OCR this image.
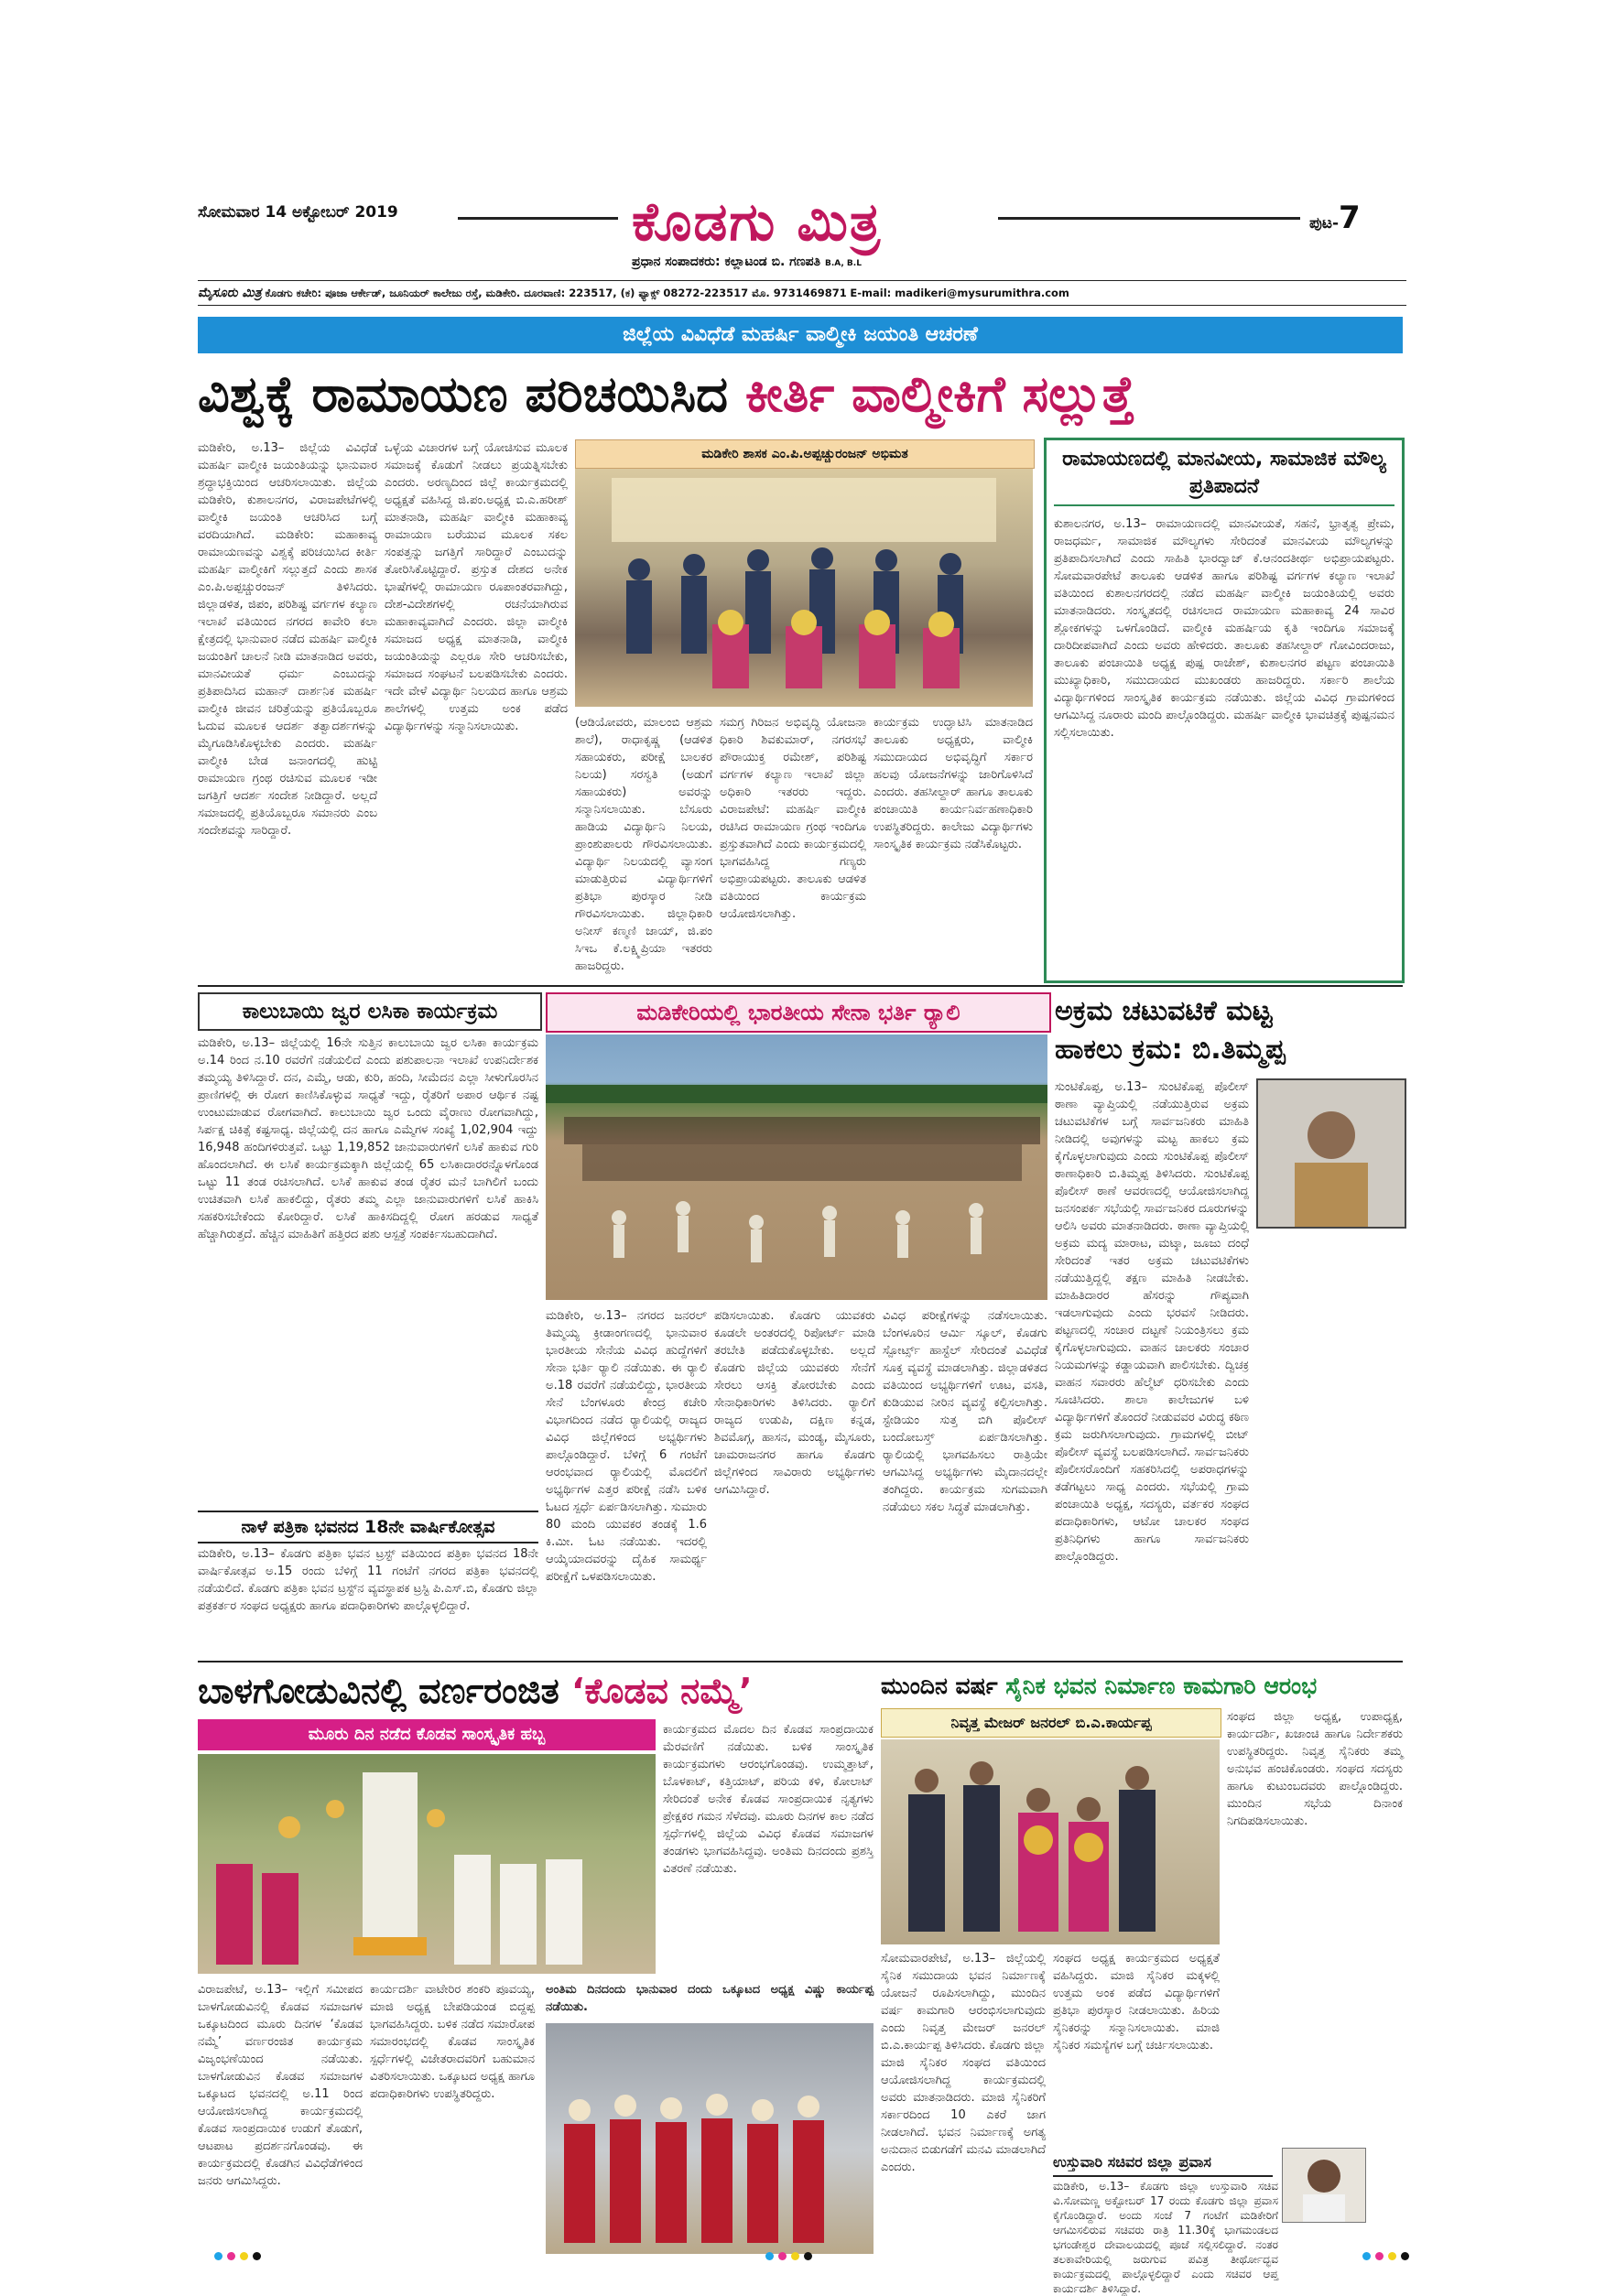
ಸೋಮವಾರ 14 ಅಕ್ಟೋಬರ್ 2019	ಕೊಡಗು ಮಿತ್ರ	ಪುಟ-7
ಪ್ರಧಾನ ಸಂಪಾದಕರು: ಕಲ್ಲಾಟಂಡ ಬಿ. ಗಣಪತಿ B.A, B.L
ಮೈಸೂರು ಮಿತ್ರ ಕೊಡಗು ಕಚೇರಿ: ಪೂಜಾ ಆರ್ಕೇಡ್, ಜೂನಿಯರ್ ಕಾಲೇಜು ರಸ್ತೆ, ಮಡಿಕೇರಿ. ದೂರವಾಣಿ: 223517, (ಕ) ಫ್ಯಾಕ್ಸ್ 08272-223517 ಮೊ. 9731469871 E-mail: madikeri@mysurumithra.com
ಜಿಲ್ಲೆಯ ವಿವಿಧೆಡೆ ಮಹರ್ಷಿ ವಾಲ್ಮೀಕಿ ಜಯಂತಿ ಆಚರಣೆ
ವಿಶ್ವಕ್ಕೆ ರಾಮಾಯಣ ಪರಿಚಯಿಸಿದ ಕೀರ್ತಿ ವಾಲ್ಮೀಕಿಗೆ ಸಲ್ಲುತ್ತೆ
ಮಡಿಕೇರಿ, ಅ.13– ಜಿಲ್ಲೆಯ ವಿವಿಧೆಡೆ ಮಹರ್ಷಿ ವಾಲ್ಮೀಕಿ ಜಯಂತಿಯನ್ನು ಭಾನುವಾರ ಶ್ರದ್ಧಾಭಕ್ತಿಯಿಂದ ಆಚರಿಸಲಾಯಿತು. ಜಿಲ್ಲೆಯ ಮಡಿಕೇರಿ, ಕುಶಾಲನಗರ, ವಿರಾಜಪೇಟೆಗಳಲ್ಲಿ ವಾಲ್ಮೀಕಿ ಜಯಂತಿ ಆಚರಿಸಿದ ಬಗ್ಗೆ ವರದಿಯಾಗಿದೆ. ಮಡಿಕೇರಿ: ಮಹಾಕಾವ್ಯ ರಾಮಾಯಣವನ್ನು ವಿಶ್ವಕ್ಕೆ ಪರಿಚಯಿಸಿದ ಕೀರ್ತಿ ಮಹರ್ಷಿ ವಾಲ್ಮೀಕಿಗೆ ಸಲ್ಲುತ್ತದೆ ಎಂದು ಶಾಸಕ ಎಂ.ಪಿ.ಅಪ್ಪಚ್ಚುರಂಜನ್ ತಿಳಿಸಿದರು. ಜಿಲ್ಲಾಡಳಿತ, ಜಿಪಂ, ಪರಿಶಿಷ್ಟ ವರ್ಗಗಳ ಕಲ್ಯಾಣ ಇಲಾಖೆ ವತಿಯಿಂದ ನಗರದ ಕಾವೇರಿ ಕಲಾ ಕ್ಷೇತ್ರದಲ್ಲಿ ಭಾನುವಾರ ನಡೆದ ಮಹರ್ಷಿ ವಾಲ್ಮೀಕಿ ಜಯಂತಿಗೆ ಚಾಲನೆ ನೀಡಿ ಮಾತನಾಡಿದ ಅವರು, ಮಾನವೀಯತೆ ಧರ್ಮ ಎಂಬುದನ್ನು ಪ್ರತಿಪಾದಿಸಿದ ಮಹಾನ್ ದಾರ್ಶನಿಕ ಮಹರ್ಷಿ ವಾಲ್ಮೀಕಿ ಜೀವನ ಚರಿತ್ರೆಯನ್ನು ಪ್ರತಿಯೊಬ್ಬರೂ ಓದುವ ಮೂಲಕ ಆದರ್ಶ ತತ್ವಾದರ್ಶಗಳನ್ನು ಮೈಗೂಡಿಸಿಕೊಳ್ಳಬೇಕು ಎಂದರು. ಮಹರ್ಷಿ ವಾಲ್ಮೀಕಿ ಬೇಡ ಜನಾಂಗದಲ್ಲಿ ಹುಟ್ಟಿ ರಾಮಾಯಣ ಗ್ರಂಥ ರಚಿಸುವ ಮೂಲಕ ಇಡೀ ಜಗತ್ತಿಗೆ ಆದರ್ಶ ಸಂದೇಶ ನೀಡಿದ್ದಾರೆ. ಅಲ್ಲದೆ ಸಮಾಜದಲ್ಲಿ ಪ್ರತಿಯೊಬ್ಬರೂ ಸಮಾನರು ಎಂಬ ಸಂದೇಶವನ್ನು ಸಾರಿದ್ದಾರೆ.
ಒಳ್ಳೆಯ ವಿಚಾರಗಳ ಬಗ್ಗೆ ಯೋಚಿಸುವ ಮೂಲಕ ಸಮಾಜಕ್ಕೆ ಕೊಡುಗೆ ನೀಡಲು ಪ್ರಯತ್ನಿಸಬೇಕು ಎಂದರು. ಅರಣ್ಯದಿಂದ ಜಿಲ್ಲೆ ಕಾರ್ಯಕ್ರಮದಲ್ಲಿ ಅಧ್ಯಕ್ಷತೆ ವಹಿಸಿದ್ದ ಜಿ.ಪಂ.ಅಧ್ಯಕ್ಷ ಬಿ.ಎ.ಹರೀಶ್ ಮಾತನಾಡಿ, ಮಹರ್ಷಿ ವಾಲ್ಮೀಕಿ ಮಹಾಕಾವ್ಯ ರಾಮಾಯಣ ಬರೆಯುವ ಮೂಲಕ ಸಕಲ ಸಂಪತ್ತನ್ನು ಜಗತ್ತಿಗೆ ಸಾರಿದ್ದಾರೆ ಎಂಬುದನ್ನು ತೋರಿಸಿಕೊಟ್ಟಿದ್ದಾರೆ. ಪ್ರಸ್ತುತ ದೇಶದ ಅನೇಕ ಭಾಷೆಗಳಲ್ಲಿ ರಾಮಾಯಣ ರೂಪಾಂತರವಾಗಿದ್ದು, ದೇಶ-ವಿದೇಶಗಳಲ್ಲಿ ರಚನೆಯಾಗಿರುವ ಮಹಾಕಾವ್ಯವಾಗಿದೆ ಎಂದರು. ಜಿಲ್ಲಾ ವಾಲ್ಮೀಕಿ ಸಮಾಜದ ಅಧ್ಯಕ್ಷ ಮಾತನಾಡಿ, ವಾಲ್ಮೀಕಿ ಜಯಂತಿಯನ್ನು ಎಲ್ಲರೂ ಸೇರಿ ಆಚರಿಸಬೇಕು, ಸಮಾಜದ ಸಂಘಟನೆ ಬಲಪಡಿಸಬೇಕು ಎಂದರು. ಇದೇ ವೇಳೆ ವಿದ್ಯಾರ್ಥಿ ನಿಲಯದ ಹಾಗೂ ಆಶ್ರಮ ಶಾಲೆಗಳಲ್ಲಿ ಉತ್ತಮ ಅಂಕ ಪಡೆದ ವಿದ್ಯಾರ್ಥಿಗಳನ್ನು ಸನ್ಮಾನಿಸಲಾಯಿತು.
ಮಡಿಕೇರಿ ಶಾಸಕ ಎಂ.ಪಿ.ಅಪ್ಪಚ್ಚುರಂಜನ್ ಅಭಿಮತ
(ಆಡಿಯೋವರು, ಮಾಲಂಬಿ ಆಶ್ರಮ ಶಾಲೆ), ರಾಧಾಕೃಷ್ಣ (ಆಡಳಿತ ಸಹಾಯಕರು, ಪರೀಕ್ಷೆ ಬಾಲಕರ ನಿಲಯ) ಸರಸ್ವತಿ (ಅಡುಗೆ ಸಹಾಯಕರು) ಅವರನ್ನು ಸನ್ಮಾನಿಸಲಾಯಿತು. ಬೆಸೂರು ಹಾಡಿಯ ವಿದ್ಯಾರ್ಥಿನಿ ನಿಲಯ, ಪ್ರಾಂಶುಪಾಲರು ಗೌರವಿಸಲಾಯಿತು. ವಿದ್ಯಾರ್ಥಿ ನಿಲಯದಲ್ಲಿ ವ್ಯಾಸಂಗ ಮಾಡುತ್ತಿರುವ ವಿದ್ಯಾರ್ಥಿಗಳಿಗೆ ಪ್ರತಿಭಾ ಪುರಸ್ಕಾರ ನೀಡಿ ಗೌರವಿಸಲಾಯಿತು. ಜಿಲ್ಲಾಧಿಕಾರಿ ಅನೀಸ್ ಕಣ್ಮಣಿ ಜಾಯ್, ಜಿ.ಪಂ ಸಿಇಒ ಕೆ.ಲಕ್ಷ್ಮಿಪ್ರಿಯಾ ಇತರರು ಹಾಜರಿದ್ದರು.
ಸಮಗ್ರ ಗಿರಿಜನ ಅಭಿವೃದ್ಧಿ ಯೋಜನಾ ಧಿಕಾರಿ ಶಿವಕುಮಾರ್, ನಗರಸಭೆ ಪೌರಾಯುಕ್ತ ರಮೇಶ್, ಪರಿಶಿಷ್ಟ ವರ್ಗಗಳ ಕಲ್ಯಾಣ ಇಲಾಖೆ ಜಿಲ್ಲಾ ಅಧಿಕಾರಿ ಇತರರು ಇದ್ದರು. ವಿರಾಜಪೇಟೆ: ಮಹರ್ಷಿ ವಾಲ್ಮೀಕಿ ರಚಿಸಿದ ರಾಮಾಯಣ ಗ್ರಂಥ ಇಂದಿಗೂ ಪ್ರಸ್ತುತವಾಗಿದೆ ಎಂದು ಕಾರ್ಯಕ್ರಮದಲ್ಲಿ ಭಾಗವಹಿಸಿದ್ದ ಗಣ್ಯರು ಅಭಿಪ್ರಾಯಪಟ್ಟರು. ತಾಲೂಕು ಆಡಳಿತ ವತಿಯಿಂದ ಕಾರ್ಯಕ್ರಮ ಆಯೋಜಿಸಲಾಗಿತ್ತು.
ಕಾರ್ಯಕ್ರಮ ಉದ್ಘಾಟಿಸಿ ಮಾತನಾಡಿದ ತಾಲೂಕು ಅಧ್ಯಕ್ಷರು, ವಾಲ್ಮೀಕಿ ಸಮುದಾಯದ ಅಭಿವೃದ್ಧಿಗೆ ಸರ್ಕಾರ ಹಲವು ಯೋಜನೆಗಳನ್ನು ಜಾರಿಗೊಳಿಸಿದೆ ಎಂದರು. ತಹಸೀಲ್ದಾರ್ ಹಾಗೂ ತಾಲೂಕು ಪಂಚಾಯಿತಿ ಕಾರ್ಯನಿರ್ವಹಣಾಧಿಕಾರಿ ಉಪಸ್ಥಿತರಿದ್ದರು. ಕಾಲೇಜು ವಿದ್ಯಾರ್ಥಿಗಳು ಸಾಂಸ್ಕೃತಿಕ ಕಾರ್ಯಕ್ರಮ ನಡೆಸಿಕೊಟ್ಟರು.
ರಾಮಾಯಣದಲ್ಲಿ ಮಾನವೀಯ, ಸಾಮಾಜಿಕ ಮೌಲ್ಯ ಪ್ರತಿಪಾದನೆ
ಕುಶಾಲನಗರ, ಅ.13– ರಾಮಾಯಣದಲ್ಲಿ ಮಾನವೀಯತೆ, ಸಹನೆ, ಭ್ರಾತೃತ್ವ ಪ್ರೇಮ, ರಾಜಧರ್ಮ, ಸಾಮಾಜಿಕ ಮೌಲ್ಯಗಳು ಸೇರಿದಂತೆ ಮಾನವೀಯ ಮೌಲ್ಯಗಳನ್ನು ಪ್ರತಿಪಾದಿಸಲಾಗಿದೆ ಎಂದು ಸಾಹಿತಿ ಭಾರದ್ವಾಜ್ ಕೆ.ಆನಂದತೀರ್ಥ ಅಭಿಪ್ರಾಯಪಟ್ಟರು. ಸೋಮವಾರಪೇಟೆ ತಾಲೂಕು ಆಡಳಿತ ಹಾಗೂ ಪರಿಶಿಷ್ಟ ವರ್ಗಗಳ ಕಲ್ಯಾಣ ಇಲಾಖೆ ವತಿಯಿಂದ ಕುಶಾಲನಗರದಲ್ಲಿ ನಡೆದ ಮಹರ್ಷಿ ವಾಲ್ಮೀಕಿ ಜಯಂತಿಯಲ್ಲಿ ಅವರು ಮಾತನಾಡಿದರು. ಸಂಸ್ಕೃತದಲ್ಲಿ ರಚಿಸಲಾದ ರಾಮಾಯಣ ಮಹಾಕಾವ್ಯ 24 ಸಾವಿರ ಶ್ಲೋಕಗಳನ್ನು ಒಳಗೊಂಡಿದೆ. ವಾಲ್ಮೀಕಿ ಮಹರ್ಷಿಯ ಕೃತಿ ಇಂದಿಗೂ ಸಮಾಜಕ್ಕೆ ದಾರಿದೀಪವಾಗಿದೆ ಎಂದು ಅವರು ಹೇಳಿದರು. ತಾಲೂಕು ತಹಸೀಲ್ದಾರ್ ಗೋವಿಂದರಾಜು, ತಾಲೂಕು ಪಂಚಾಯಿತಿ ಅಧ್ಯಕ್ಷ ಪುಷ್ಪ ರಾಜೇಶ್, ಕುಶಾಲನಗರ ಪಟ್ಟಣ ಪಂಚಾಯಿತಿ ಮುಖ್ಯಾಧಿಕಾರಿ, ಸಮುದಾಯದ ಮುಖಂಡರು ಹಾಜರಿದ್ದರು. ಸರ್ಕಾರಿ ಶಾಲೆಯ ವಿದ್ಯಾರ್ಥಿಗಳಿಂದ ಸಾಂಸ್ಕೃತಿಕ ಕಾರ್ಯಕ್ರಮ ನಡೆಯಿತು. ಜಿಲ್ಲೆಯ ವಿವಿಧ ಗ್ರಾಮಗಳಿಂದ ಆಗಮಿಸಿದ್ದ ನೂರಾರು ಮಂದಿ ಪಾಲ್ಗೊಂಡಿದ್ದರು. ಮಹರ್ಷಿ ವಾಲ್ಮೀಕಿ ಭಾವಚಿತ್ರಕ್ಕೆ ಪುಷ್ಪನಮನ ಸಲ್ಲಿಸಲಾಯಿತು.
ಕಾಲುಬಾಯಿ ಜ್ವರ ಲಸಿಕಾ ಕಾರ್ಯಕ್ರಮ
ಮಡಿಕೇರಿ, ಅ.13– ಜಿಲ್ಲೆಯಲ್ಲಿ 16ನೇ ಸುತ್ತಿನ ಕಾಲುಬಾಯಿ ಜ್ವರ ಲಸಿಕಾ ಕಾರ್ಯಕ್ರಮ ಅ.14 ರಿಂದ ನ.10 ರವರೆಗೆ ನಡೆಯಲಿದೆ ಎಂದು ಪಶುಪಾಲನಾ ಇಲಾಖೆ ಉಪನಿರ್ದೇಶಕ ತಮ್ಮಯ್ಯ ತಿಳಿಸಿದ್ದಾರೆ. ದನ, ಎಮ್ಮೆ, ಆಡು, ಕುರಿ, ಹಂದಿ, ಸೀಮೆದನ ಎಲ್ಲಾ ಸೀಳುಗೊರಸಿನ ಪ್ರಾಣಿಗಳಲ್ಲಿ ಈ ರೋಗ ಕಾಣಿಸಿಕೊಳ್ಳುವ ಸಾಧ್ಯತೆ ಇದ್ದು, ರೈತರಿಗೆ ಅಪಾರ ಆರ್ಥಿಕ ನಷ್ಟ ಉಂಟುಮಾಡುವ ರೋಗವಾಗಿದೆ. ಕಾಲುಬಾಯಿ ಜ್ವರ ಒಂದು ವೈರಾಣು ರೋಗವಾಗಿದ್ದು, ಸಿರ್ಪಕ್ಷ ಚಿಕಿತ್ಸೆ ಕಷ್ಟಸಾಧ್ಯ. ಜಿಲ್ಲೆಯಲ್ಲಿ ದನ ಹಾಗೂ ಎಮ್ಮೆಗಳ ಸಂಖ್ಯೆ 1,02,904 ಇದ್ದು 16,948 ಹಂದಿಗಳಿರುತ್ತವೆ. ಒಟ್ಟು 1,19,852 ಜಾನುವಾರುಗಳಿಗೆ ಲಸಿಕೆ ಹಾಕುವ ಗುರಿ ಹೊಂದಲಾಗಿದೆ. ಈ ಲಸಿಕೆ ಕಾರ್ಯಕ್ರಮಕ್ಕಾಗಿ ಜಿಲ್ಲೆಯಲ್ಲಿ 65 ಲಸಿಕಾದಾರರನ್ನೊಳಗೊಂಡ ಒಟ್ಟು 11 ತಂಡ ರಚಿಸಲಾಗಿದೆ. ಲಸಿಕೆ ಹಾಕುವ ತಂಡ ರೈತರ ಮನೆ ಬಾಗಿಲಿಗೆ ಬಂದು ಉಚಿತವಾಗಿ ಲಸಿಕೆ ಹಾಕಲಿದ್ದು, ರೈತರು ತಮ್ಮ ಎಲ್ಲಾ ಜಾನುವಾರುಗಳಿಗೆ ಲಸಿಕೆ ಹಾಕಿಸಿ ಸಹಕರಿಸಬೇಕೆಂದು ಕೋರಿದ್ದಾರೆ. ಲಸಿಕೆ ಹಾಕಿಸದಿದ್ದಲ್ಲಿ ರೋಗ ಹರಡುವ ಸಾಧ್ಯತೆ ಹೆಚ್ಚಾಗಿರುತ್ತದೆ. ಹೆಚ್ಚಿನ ಮಾಹಿತಿಗೆ ಹತ್ತಿರದ ಪಶು ಆಸ್ಪತ್ರೆ ಸಂಪರ್ಕಿಸಬಹುದಾಗಿದೆ.
ನಾಳೆ ಪತ್ರಿಕಾ ಭವನದ 18ನೇ ವಾರ್ಷಿಕೋತ್ಸವ
ಮಡಿಕೇರಿ, ಅ.13– ಕೊಡಗು ಪತ್ರಿಕಾ ಭವನ ಟ್ರಸ್ಟ್ ವತಿಯಿಂದ ಪತ್ರಿಕಾ ಭವನದ 18ನೇ ವಾರ್ಷಿಕೋತ್ಸವ ಅ.15 ರಂದು ಬೆಳಿಗ್ಗೆ 11 ಗಂಟೆಗೆ ನಗರದ ಪತ್ರಿಕಾ ಭವನದಲ್ಲಿ ನಡೆಯಲಿದೆ. ಕೊಡಗು ಪತ್ರಿಕಾ ಭವನ ಟ್ರಸ್ಟ್‌ನ ವ್ಯವಸ್ಥಾಪಕ ಟ್ರಸ್ಟಿ ಪಿ.ಎಸ್.ಬಿ, ಕೊಡಗು ಜಿಲ್ಲಾ ಪತ್ರಕರ್ತರ ಸಂಘದ ಅಧ್ಯಕ್ಷರು ಹಾಗೂ ಪದಾಧಿಕಾರಿಗಳು ಪಾಲ್ಗೊಳ್ಳಲಿದ್ದಾರೆ.
ಮಡಿಕೇರಿಯಲ್ಲಿ ಭಾರತೀಯ ಸೇನಾ ಭರ್ತಿ ರ‍್ಯಾಲಿ
ಮಡಿಕೇರಿ, ಅ.13– ನಗರದ ಜನರಲ್ ತಿಮ್ಮಯ್ಯ ಕ್ರೀಡಾಂಗಣದಲ್ಲಿ ಭಾನುವಾರ ಭಾರತೀಯ ಸೇನೆಯ ವಿವಿಧ ಹುದ್ದೆಗಳಿಗೆ ಸೇನಾ ಭರ್ತಿ ರ‍್ಯಾಲಿ ನಡೆಯಿತು. ಈ ರ‍್ಯಾಲಿ ಅ.18 ರವರೆಗೆ ನಡೆಯಲಿದ್ದು, ಭಾರತೀಯ ಸೇನೆ ಬೆಂಗಳೂರು ಕೇಂದ್ರ ಕಚೇರಿ ವಿಭಾಗದಿಂದ ನಡೆದ ರ‍್ಯಾಲಿಯಲ್ಲಿ ರಾಜ್ಯದ ವಿವಿಧ ಜಿಲ್ಲೆಗಳಿಂದ ಅಭ್ಯರ್ಥಿಗಳು ಪಾಲ್ಗೊಂಡಿದ್ದಾರೆ. ಬೆಳಿಗ್ಗೆ 6 ಗಂಟೆಗೆ ಆರಂಭವಾದ ರ‍್ಯಾಲಿಯಲ್ಲಿ ಮೊದಲಿಗೆ ಅಭ್ಯರ್ಥಿಗಳ ಎತ್ತರ ಪರೀಕ್ಷೆ ನಡೆಸಿ ಬಳಿಕ ಓಟದ ಸ್ಪರ್ಧೆ ಏರ್ಪಡಿಸಲಾಗಿತ್ತು. ಸುಮಾರು 80 ಮಂದಿ ಯುವಕರ ತಂಡಕ್ಕೆ 1.6 ಕಿ.ಮೀ. ಓಟ ನಡೆಯಿತು. ಇದರಲ್ಲಿ ಆಯ್ಕೆಯಾದವರನ್ನು ದೈಹಿಕ ಸಾಮರ್ಥ್ಯ ಪರೀಕ್ಷೆಗೆ ಒಳಪಡಿಸಲಾಯಿತು.
ಪಡಿಸಲಾಯಿತು. ಕೊಡಗು ಯುವಕರು ಕೂಡಲೇ ಅಂತರದಲ್ಲಿ ರಿಪೋರ್ಟ್ ಮಾಡಿ ತರಬೇತಿ ಪಡೆದುಕೊಳ್ಳಬೇಕು. ಅಲ್ಲದೆ ಕೊಡಗು ಜಿಲ್ಲೆಯ ಯುವಕರು ಸೇನೆಗೆ ಸೇರಲು ಆಸಕ್ತಿ ತೋರಬೇಕು ಎಂದು ಸೇನಾಧಿಕಾರಿಗಳು ತಿಳಿಸಿದರು. ರ‍್ಯಾಲಿಗೆ ರಾಜ್ಯದ ಉಡುಪಿ, ದಕ್ಷಿಣ ಕನ್ನಡ, ಶಿವಮೊಗ್ಗ, ಹಾಸನ, ಮಂಡ್ಯ, ಮೈಸೂರು, ಚಾಮರಾಜನಗರ ಹಾಗೂ ಕೊಡಗು ಜಿಲ್ಲೆಗಳಿಂದ ಸಾವಿರಾರು ಅಭ್ಯರ್ಥಿಗಳು ಆಗಮಿಸಿದ್ದಾರೆ.
ವಿವಿಧ ಪರೀಕ್ಷೆಗಳನ್ನು ನಡೆಸಲಾಯಿತು. ಬೆಂಗಳೂರಿನ ಆರ್ಮಿ ಸ್ಕೂಲ್, ಕೊಡಗು ಸ್ಪೋರ್ಟ್ಸ್ ಹಾಸ್ಟೆಲ್ ಸೇರಿದಂತೆ ವಿವಿಧೆಡೆ ಸೂಕ್ತ ವ್ಯವಸ್ಥೆ ಮಾಡಲಾಗಿತ್ತು. ಜಿಲ್ಲಾಡಳಿತದ ವತಿಯಿಂದ ಅಭ್ಯರ್ಥಿಗಳಿಗೆ ಊಟ, ವಸತಿ, ಕುಡಿಯುವ ನೀರಿನ ವ್ಯವಸ್ಥೆ ಕಲ್ಪಿಸಲಾಗಿತ್ತು. ಸ್ಟೇಡಿಯಂ ಸುತ್ತ ಬಿಗಿ ಪೊಲೀಸ್ ಬಂದೋಬಸ್ತ್ ಏರ್ಪಡಿಸಲಾಗಿತ್ತು. ರ‍್ಯಾಲಿಯಲ್ಲಿ ಭಾಗವಹಿಸಲು ರಾತ್ರಿಯೇ ಆಗಮಿಸಿದ್ದ ಅಭ್ಯರ್ಥಿಗಳು ಮೈದಾನದಲ್ಲೇ ತಂಗಿದ್ದರು. ಕಾರ್ಯಕ್ರಮ ಸುಗಮವಾಗಿ ನಡೆಯಲು ಸಕಲ ಸಿದ್ಧತೆ ಮಾಡಲಾಗಿತ್ತು.
ಅಕ್ರಮ ಚಟುವಟಿಕೆ ಮಟ್ಟ
ಹಾಕಲು ಕ್ರಮ: ಬಿ.ತಿಮ್ಮಪ್ಪ
ಸುಂಟಿಕೊಪ್ಪ, ಅ.13– ಸುಂಟಿಕೊಪ್ಪ ಪೊಲೀಸ್ ಠಾಣಾ ವ್ಯಾಪ್ತಿಯಲ್ಲಿ ನಡೆಯುತ್ತಿರುವ ಅಕ್ರಮ ಚಟುವಟಿಕೆಗಳ ಬಗ್ಗೆ ಸಾರ್ವಜನಿಕರು ಮಾಹಿತಿ ನೀಡಿದಲ್ಲಿ ಅವುಗಳನ್ನು ಮಟ್ಟ ಹಾಕಲು ಕ್ರಮ ಕೈಗೊಳ್ಳಲಾಗುವುದು ಎಂದು ಸುಂಟಿಕೊಪ್ಪ ಪೊಲೀಸ್ ಠಾಣಾಧಿಕಾರಿ ಬಿ.ತಿಮ್ಮಪ್ಪ ತಿಳಿಸಿದರು. ಸುಂಟಿಕೊಪ್ಪ ಪೊಲೀಸ್ ಠಾಣೆ ಆವರಣದಲ್ಲಿ ಆಯೋಜಿಸಲಾಗಿದ್ದ ಜನಸಂಪರ್ಕ ಸಭೆಯಲ್ಲಿ ಸಾರ್ವಜನಿಕರ ದೂರುಗಳನ್ನು ಆಲಿಸಿ ಅವರು ಮಾತನಾಡಿದರು. ಠಾಣಾ ವ್ಯಾಪ್ತಿಯಲ್ಲಿ ಅಕ್ರಮ ಮದ್ಯ ಮಾರಾಟ, ಮಟ್ಕಾ, ಜೂಜು ದಂಧೆ ಸೇರಿದಂತೆ ಇತರ ಅಕ್ರಮ ಚಟುವಟಿಕೆಗಳು ನಡೆಯುತ್ತಿದ್ದಲ್ಲಿ ತಕ್ಷಣ ಮಾಹಿತಿ ನೀಡಬೇಕು. ಮಾಹಿತಿದಾರರ ಹೆಸರನ್ನು ಗೌಪ್ಯವಾಗಿ ಇಡಲಾಗುವುದು ಎಂದು ಭರವಸೆ ನೀಡಿದರು. ಪಟ್ಟಣದಲ್ಲಿ ಸಂಚಾರ ದಟ್ಟಣೆ ನಿಯಂತ್ರಿಸಲು ಕ್ರಮ ಕೈಗೊಳ್ಳಲಾಗುವುದು. ವಾಹನ ಚಾಲಕರು ಸಂಚಾರ ನಿಯಮಗಳನ್ನು ಕಡ್ಡಾಯವಾಗಿ ಪಾಲಿಸಬೇಕು. ದ್ವಿಚಕ್ರ ವಾಹನ ಸವಾರರು ಹೆಲ್ಮೆಟ್ ಧರಿಸಬೇಕು ಎಂದು ಸೂಚಿಸಿದರು. ಶಾಲಾ ಕಾಲೇಜುಗಳ ಬಳಿ ವಿದ್ಯಾರ್ಥಿಗಳಿಗೆ ತೊಂದರೆ ನೀಡುವವರ ವಿರುದ್ಧ ಕಠಿಣ ಕ್ರಮ ಜರುಗಿಸಲಾಗುವುದು. ಗ್ರಾಮಗಳಲ್ಲಿ ಬೀಟ್ ಪೊಲೀಸ್ ವ್ಯವಸ್ಥೆ ಬಲಪಡಿಸಲಾಗಿದೆ. ಸಾರ್ವಜನಿಕರು ಪೊಲೀಸರೊಂದಿಗೆ ಸಹಕರಿಸಿದಲ್ಲಿ ಅಪರಾಧಗಳನ್ನು ತಡೆಗಟ್ಟಲು ಸಾಧ್ಯ ಎಂದರು. ಸಭೆಯಲ್ಲಿ ಗ್ರಾಮ ಪಂಚಾಯಿತಿ ಅಧ್ಯಕ್ಷ, ಸದಸ್ಯರು, ವರ್ತಕರ ಸಂಘದ ಪದಾಧಿಕಾರಿಗಳು, ಆಟೋ ಚಾಲಕರ ಸಂಘದ ಪ್ರತಿನಿಧಿಗಳು ಹಾಗೂ ಸಾರ್ವಜನಿಕರು ಪಾಲ್ಗೊಂಡಿದ್ದರು.
ಬಾಳಗೋಡುವಿನಲ್ಲಿ ವರ್ಣರಂಜಿತ ‘ಕೊಡವ ನಮ್ಮೆ’
ಮೂರು ದಿನ ನಡೆದ ಕೊಡವ ಸಾಂಸ್ಕೃತಿಕ ಹಬ್ಬ
ವಿರಾಜಪೇಟೆ, ಅ.13– ಇಲ್ಲಿಗೆ ಸಮೀಪದ ಬಾಳಗೋಡುವಿನಲ್ಲಿ ಕೊಡವ ಸಮಾಜಗಳ ಒಕ್ಕೂಟದಿಂದ ಮೂರು ದಿನಗಳ ‘ಕೊಡವ ನಮ್ಮೆ’ ವರ್ಣರಂಜಿತ ಕಾರ್ಯಕ್ರಮ ವಿಜೃಂಭಣೆಯಿಂದ ನಡೆಯಿತು. ಬಾಳಗೋಡುವಿನ ಕೊಡವ ಸಮಾಜಗಳ ಒಕ್ಕೂಟದ ಭವನದಲ್ಲಿ ಅ.11 ರಿಂದ ಆಯೋಜಿಸಲಾಗಿದ್ದ ಕಾರ್ಯಕ್ರಮದಲ್ಲಿ ಕೊಡವ ಸಾಂಪ್ರದಾಯಿಕ ಉಡುಗೆ ತೊಡುಗೆ, ಆಟಪಾಟ ಪ್ರದರ್ಶನಗೊಂಡವು. ಈ ಕಾರ್ಯಕ್ರಮದಲ್ಲಿ ಕೊಡಗಿನ ವಿವಿಧೆಡೆಗಳಿಂದ ಜನರು ಆಗಮಿಸಿದ್ದರು.
ಕಾರ್ಯದರ್ಶಿ ವಾಟೇರಿರ ಶಂಕರಿ ಪೂವಯ್ಯ, ಮಾಜಿ ಅಧ್ಯಕ್ಷ ಬೇಪಡಿಯಂಡ ಬಿದ್ದಪ್ಪ ಭಾಗವಹಿಸಿದ್ದರು. ಬಳಿಕ ನಡೆದ ಸಮಾರೋಪ ಸಮಾರಂಭದಲ್ಲಿ ಕೊಡವ ಸಾಂಸ್ಕೃತಿಕ ಸ್ಪರ್ಧೆಗಳಲ್ಲಿ ವಿಜೇತರಾದವರಿಗೆ ಬಹುಮಾನ ವಿತರಿಸಲಾಯಿತು. ಒಕ್ಕೂಟದ ಅಧ್ಯಕ್ಷ ಹಾಗೂ ಪದಾಧಿಕಾರಿಗಳು ಉಪಸ್ಥಿತರಿದ್ದರು.
ಕಾರ್ಯಕ್ರಮದ ಮೊದಲ ದಿನ ಕೊಡವ ಸಾಂಪ್ರದಾಯಿಕ ಮೆರವಣಿಗೆ ನಡೆಯಿತು. ಬಳಿಕ ಸಾಂಸ್ಕೃತಿಕ ಕಾರ್ಯಕ್ರಮಗಳು ಆರಂಭಗೊಂಡವು. ಉಮ್ಮತ್ತಾಟ್, ಬೊಳಕಾಟ್, ಕತ್ತಿಯಾಟ್, ಪರಿಯ ಕಳಿ, ಕೋಲಾಟ್ ಸೇರಿದಂತೆ ಅನೇಕ ಕೊಡವ ಸಾಂಪ್ರದಾಯಿಕ ನೃತ್ಯಗಳು ಪ್ರೇಕ್ಷಕರ ಗಮನ ಸೆಳೆದವು. ಮೂರು ದಿನಗಳ ಕಾಲ ನಡೆದ ಸ್ಪರ್ಧೆಗಳಲ್ಲಿ ಜಿಲ್ಲೆಯ ವಿವಿಧ ಕೊಡವ ಸಮಾಜಗಳ ತಂಡಗಳು ಭಾಗವಹಿಸಿದ್ದವು. ಅಂತಿಮ ದಿನದಂದು ಪ್ರಶಸ್ತಿ ವಿತರಣೆ ನಡೆಯಿತು.
ಅಂತಿಮ ದಿನದಂದು ಭಾನುವಾರ ದಂದು ಒಕ್ಕೂಟದ ಅಧ್ಯಕ್ಷ ವಿಷ್ಣು ಕಾರ್ಯಪ್ಪ ನಡೆಯಿತು.
ಮುಂದಿನ ವರ್ಷ ಸೈನಿಕ ಭವನ ನಿರ್ಮಾಣ ಕಾಮಗಾರಿ ಆರಂಭ
ನಿವೃತ್ತ ಮೇಜರ್ ಜನರಲ್ ಬಿ.ಎ.ಕಾರ್ಯಪ್ಪ
ಸೋಮವಾರಪೇಟೆ, ಅ.13– ಜಿಲ್ಲೆಯಲ್ಲಿ ಸೈನಿಕ ಸಮುದಾಯ ಭವನ ನಿರ್ಮಾಣಕ್ಕೆ ಯೋಜನೆ ರೂಪಿಸಲಾಗಿದ್ದು, ಮುಂದಿನ ವರ್ಷ ಕಾಮಗಾರಿ ಆರಂಭಿಸಲಾಗುವುದು ಎಂದು ನಿವೃತ್ತ ಮೇಜರ್ ಜನರಲ್ ಬಿ.ಎ.ಕಾರ್ಯಪ್ಪ ತಿಳಿಸಿದರು. ಕೊಡಗು ಜಿಲ್ಲಾ ಮಾಜಿ ಸೈನಿಕರ ಸಂಘದ ವತಿಯಿಂದ ಆಯೋಜಿಸಲಾಗಿದ್ದ ಕಾರ್ಯಕ್ರಮದಲ್ಲಿ ಅವರು ಮಾತನಾಡಿದರು. ಮಾಜಿ ಸೈನಿಕರಿಗೆ ಸರ್ಕಾರದಿಂದ 10 ಎಕರೆ ಜಾಗ ನೀಡಲಾಗಿದೆ. ಭವನ ನಿರ್ಮಾಣಕ್ಕೆ ಅಗತ್ಯ ಅನುದಾನ ಬಿಡುಗಡೆಗೆ ಮನವಿ ಮಾಡಲಾಗಿದೆ ಎಂದರು.
ಸಂಘದ ಅಧ್ಯಕ್ಷ ಕಾರ್ಯಕ್ರಮದ ಅಧ್ಯಕ್ಷತೆ ವಹಿಸಿದ್ದರು. ಮಾಜಿ ಸೈನಿಕರ ಮಕ್ಕಳಲ್ಲಿ ಉತ್ತಮ ಅಂಕ ಪಡೆದ ವಿದ್ಯಾರ್ಥಿಗಳಿಗೆ ಪ್ರತಿಭಾ ಪುರಸ್ಕಾರ ನೀಡಲಾಯಿತು. ಹಿರಿಯ ಸೈನಿಕರನ್ನು ಸನ್ಮಾನಿಸಲಾಯಿತು. ಮಾಜಿ ಸೈನಿಕರ ಸಮಸ್ಯೆಗಳ ಬಗ್ಗೆ ಚರ್ಚಿಸಲಾಯಿತು.
ಸಂಘದ ಜಿಲ್ಲಾ ಅಧ್ಯಕ್ಷ, ಉಪಾಧ್ಯಕ್ಷ, ಕಾರ್ಯದರ್ಶಿ, ಖಜಾಂಚಿ ಹಾಗೂ ನಿರ್ದೇಶಕರು ಉಪಸ್ಥಿತರಿದ್ದರು. ನಿವೃತ್ತ ಸೈನಿಕರು ತಮ್ಮ ಅನುಭವ ಹಂಚಿಕೊಂಡರು. ಸಂಘದ ಸದಸ್ಯರು ಹಾಗೂ ಕುಟುಂಬದವರು ಪಾಲ್ಗೊಂಡಿದ್ದರು. ಮುಂದಿನ ಸಭೆಯ ದಿನಾಂಕ ನಿಗದಿಪಡಿಸಲಾಯಿತು.
ಉಸ್ತುವಾರಿ ಸಚಿವರ ಜಿಲ್ಲಾ ಪ್ರವಾಸ
ಮಡಿಕೇರಿ, ಅ.13– ಕೊಡಗು ಜಿಲ್ಲಾ ಉಸ್ತುವಾರಿ ಸಚಿವ ವಿ.ಸೋಮಣ್ಣ ಅಕ್ಟೋಬರ್ 17 ರಂದು ಕೊಡಗು ಜಿಲ್ಲಾ ಪ್ರವಾಸ ಕೈಗೊಂಡಿದ್ದಾರೆ. ಅಂದು ಸಂಜೆ 7 ಗಂಟೆಗೆ ಮಡಿಕೇರಿಗೆ ಆಗಮಿಸಲಿರುವ ಸಚಿವರು ರಾತ್ರಿ 11.30ಕ್ಕೆ ಭಾಗಮಂಡಲದ ಭಗಂಡೇಶ್ವರ ದೇವಾಲಯದಲ್ಲಿ ಪೂಜೆ ಸಲ್ಲಿಸಲಿದ್ದಾರೆ. ನಂತರ ತಲಕಾವೇರಿಯಲ್ಲಿ ಜರುಗುವ ಪವಿತ್ರ ತೀರ್ಥೋದ್ಭವ ಕಾರ್ಯಕ್ರಮದಲ್ಲಿ ಪಾಲ್ಗೊಳ್ಳಲಿದ್ದಾರೆ ಎಂದು ಸಚಿವರ ಆಪ್ತ ಕಾರ್ಯದರ್ಶಿ ತಿಳಿಸಿದ್ದಾರೆ.
